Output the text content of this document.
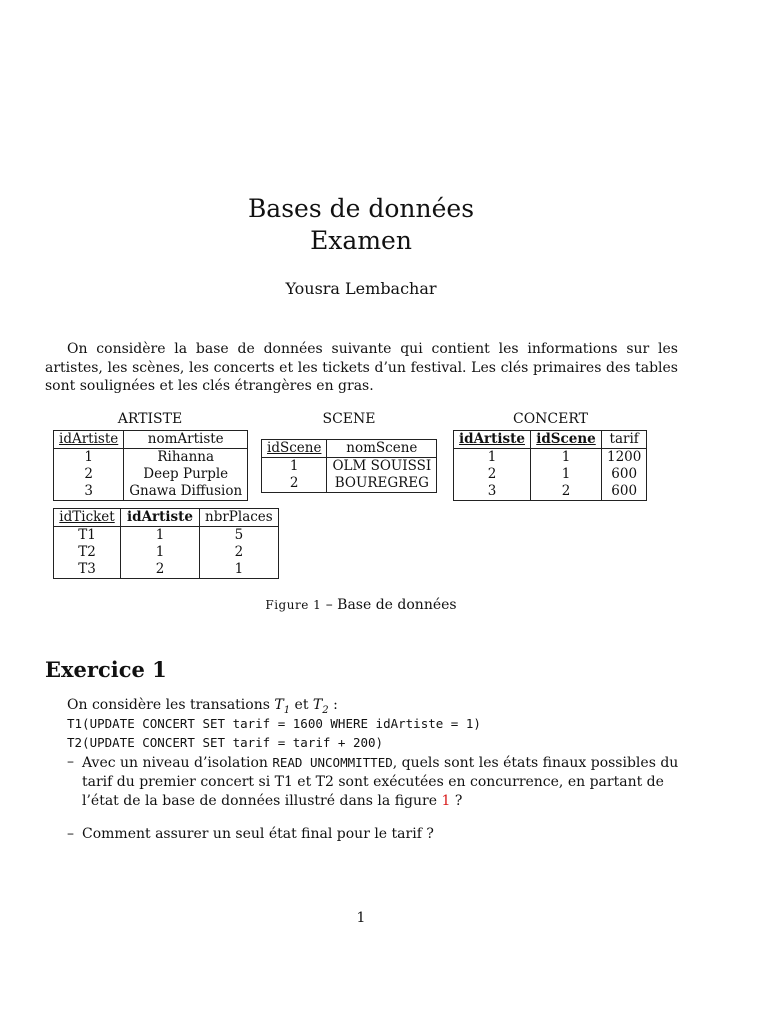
Bases de données
Examen
Yousra Lembachar
On considère la base de données suivante qui contient les informations sur les artistes, les scènes, les concerts et les tickets d’un festival. Les clés primaires des tables sont soulignées et les clés étrangères en gras.
ARTISTE
idArtiste	nomArtiste
1	Rihanna
2	Deep Purple
3	Gnawa Diffusion
SCENE
idScene	nomScene
1	OLM SOUISSI
2	BOUREGREG
CONCERT
idArtiste	idScene	tarif
1	1	1200
2	1	600
3	2	600
idTicket	idArtiste	nbrPlaces
T1	1	5
T2	1	2
T3	2	1
Figure 1 – Base de données
Exercice 1
On considère les transations $T_1$ et $T_2$ :
T1(UPDATE CONCERT SET tarif = 1600 WHERE idArtiste = 1)
T2(UPDATE CONCERT SET tarif = tarif + 200)
– Avec un niveau d’isolation READ UNCOMMITTED, quels sont les états finaux possibles du tarif du premier concert si T1 et T2 sont exécutées en concurrence, en partant de l’état de la base de données illustré dans la figure 1 ?
– Comment assurer un seul état final pour le tarif ?
1
